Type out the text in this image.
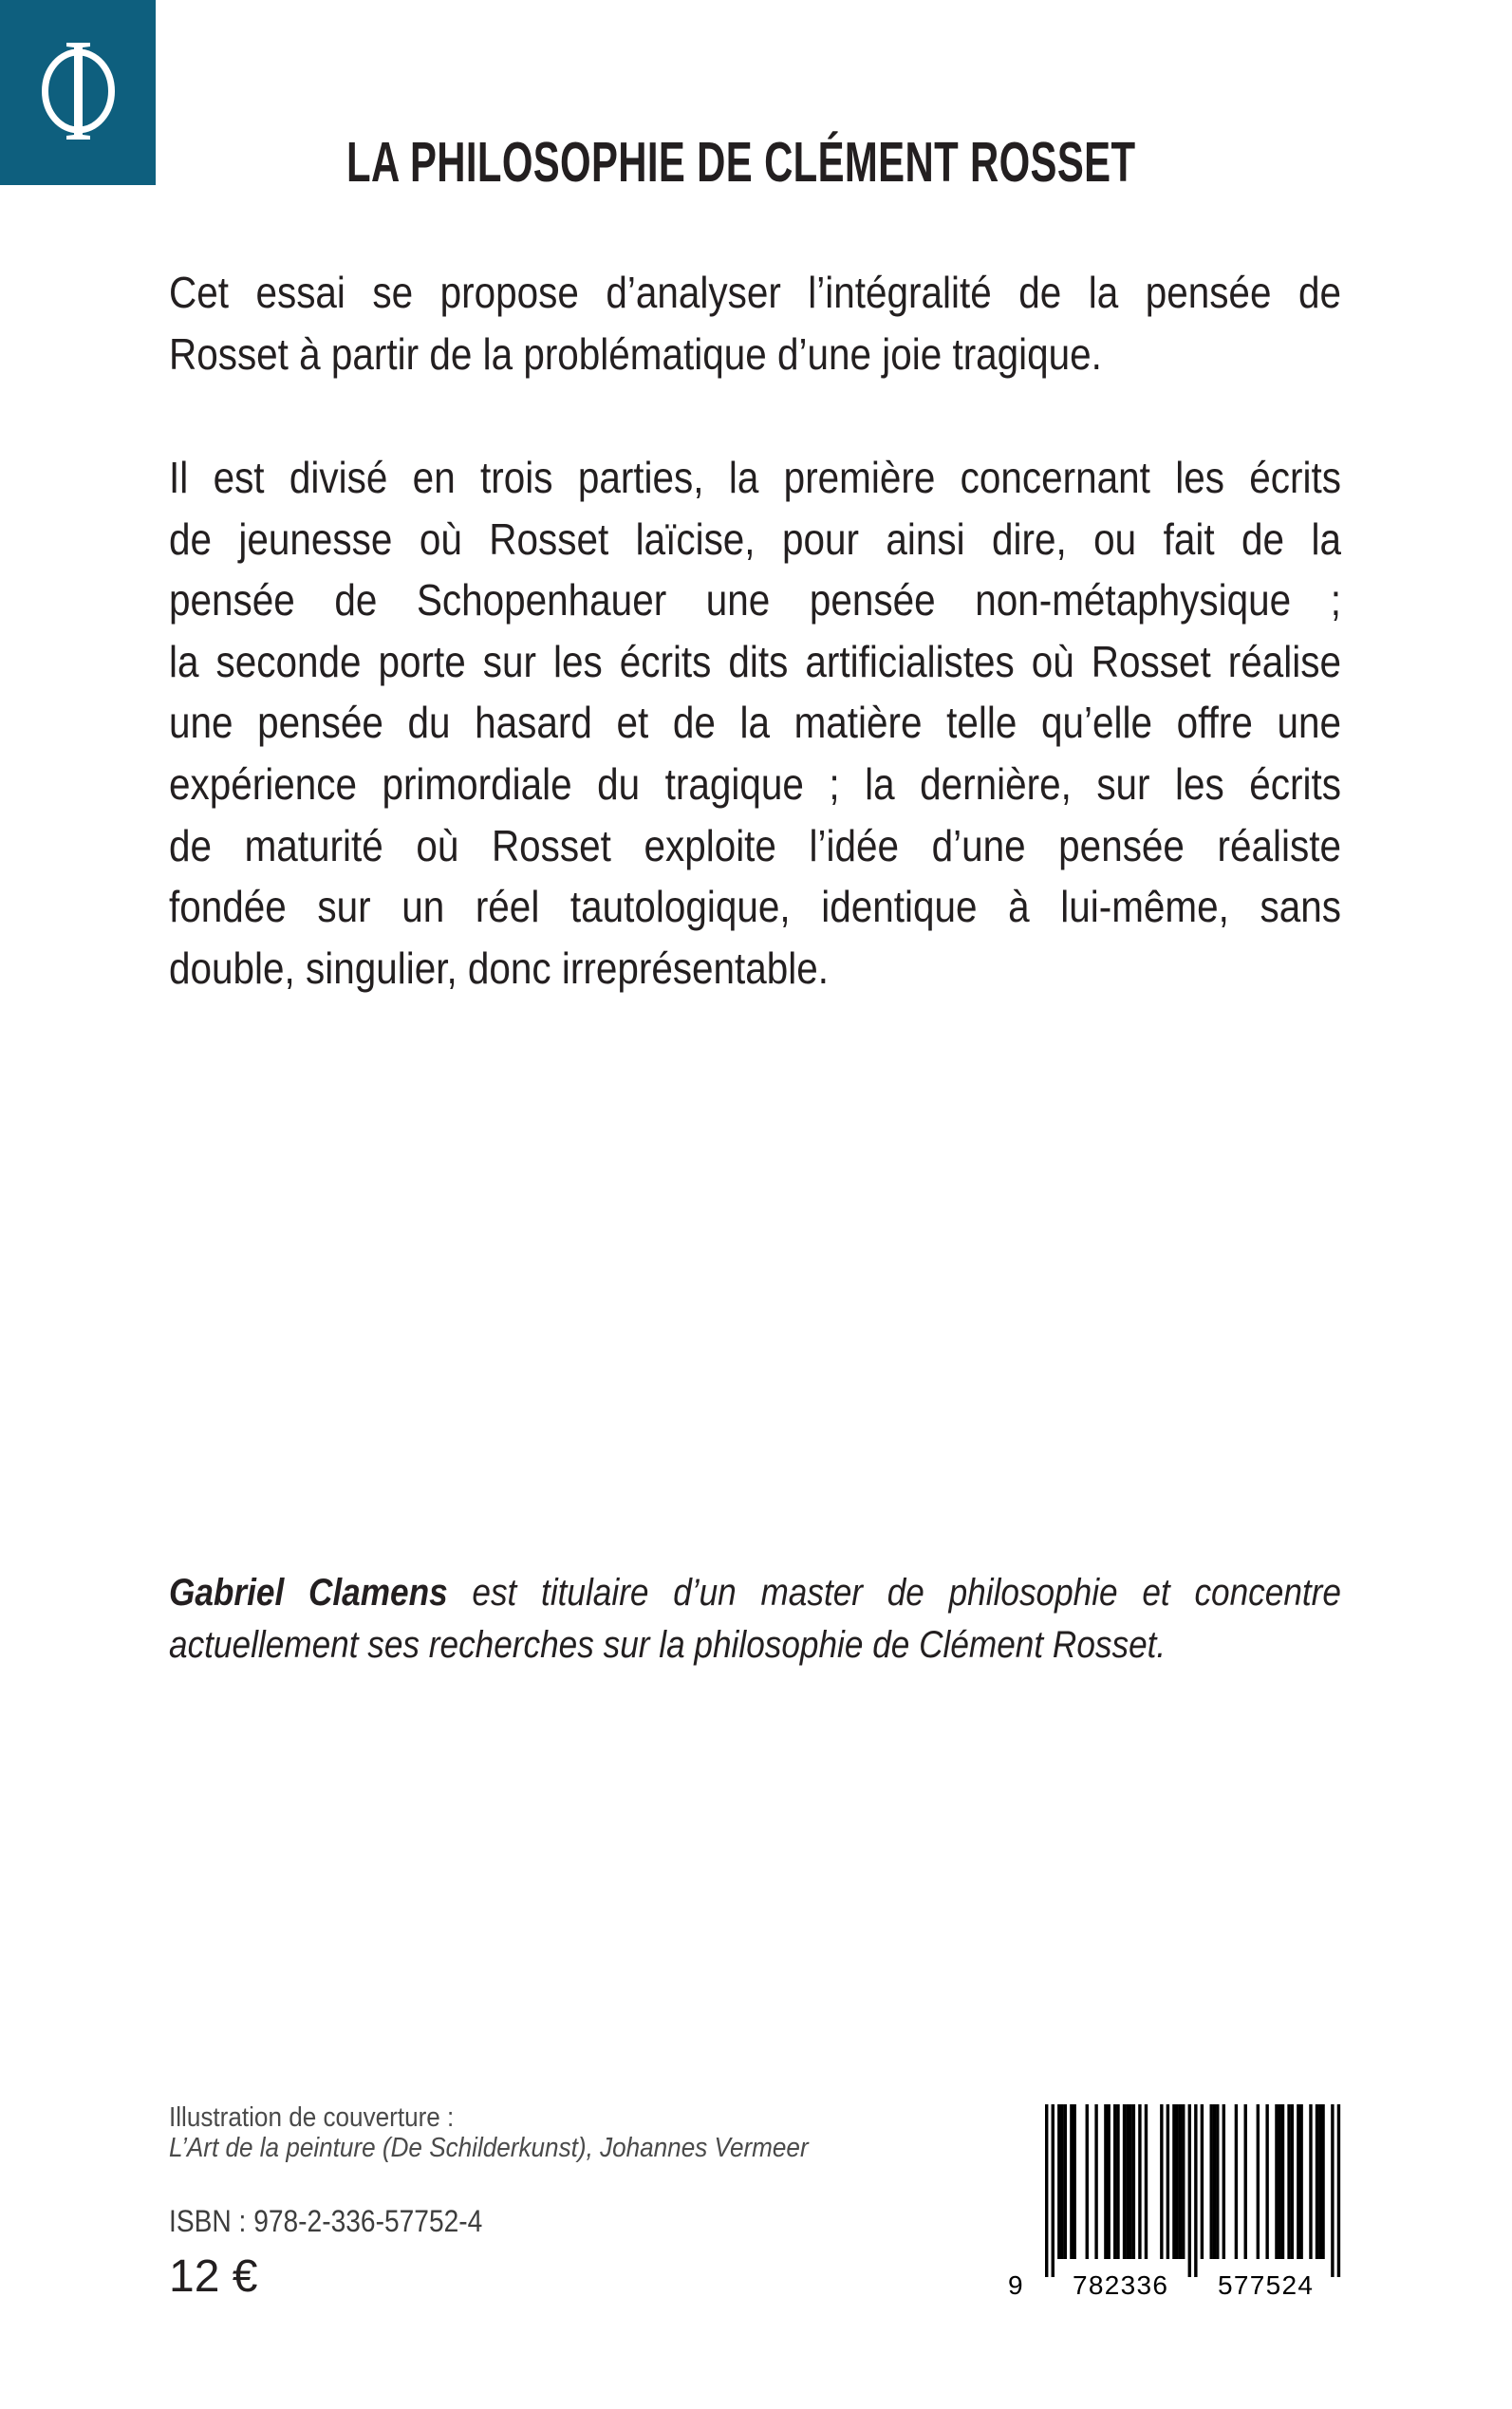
LA PHILOSOPHIE DE CLÉMENT ROSSET
Cet essai se propose d’analyser l’intégralité de la pensée de
Rosset à partir de la problématique d’une joie tragique.
Il est divisé en trois parties, la première concernant les écrits
de jeunesse où Rosset laïcise, pour ainsi dire, ou fait de la
pensée de Schopenhauer une pensée non-métaphysique ;
la seconde porte sur les écrits dits artificialistes où Rosset réalise
une pensée du hasard et de la matière telle qu’elle offre une
expérience primordiale du tragique ; la dernière, sur les écrits
de maturité où Rosset exploite l’idée d’une pensée réaliste
fondée sur un réel tautologique, identique à lui-même, sans
double, singulier, donc irreprésentable.
Gabriel Clamens est titulaire d’un master de philosophie et concentre
actuellement ses recherches sur la philosophie de Clément Rosset.
Illustration de couverture :
L’Art de la peinture (De Schilderkunst), Johannes Vermeer
ISBN : 978-2-336-57752-4
12 €	9 782336 577524
